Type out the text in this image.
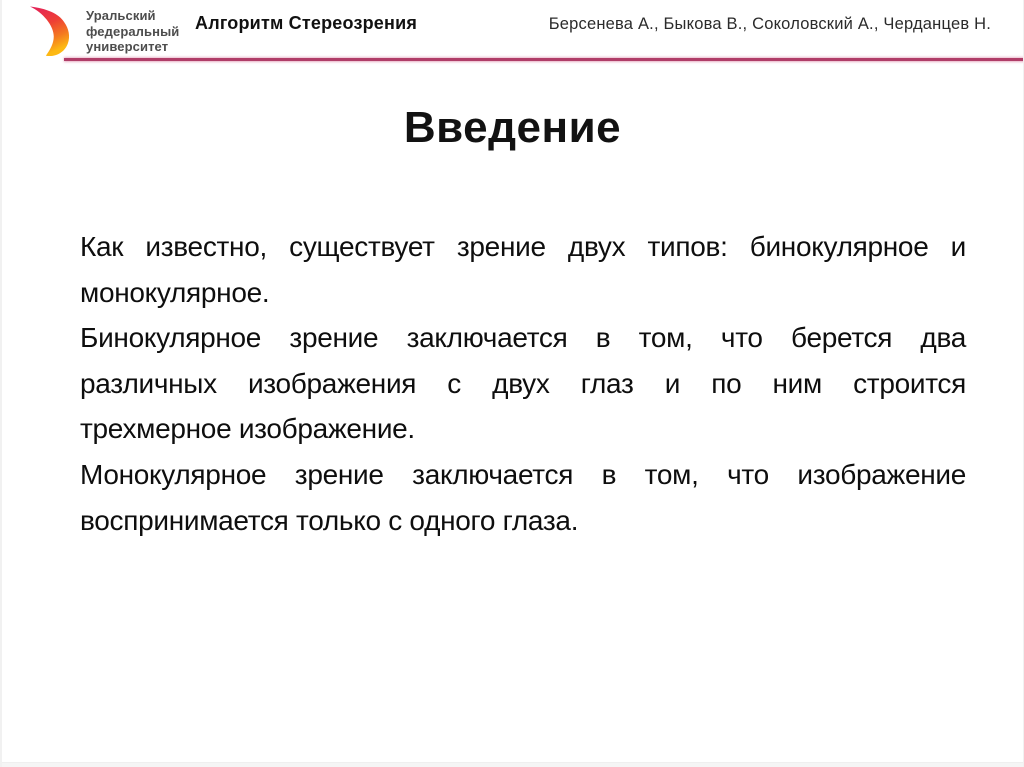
Уральский
федеральный
университет
Алгоритм Стереозрения	Берсенева А., Быкова В., Соколовский А., Черданцев Н.
Введение
Как известно, существует зрение двух типов: бинокулярное и
монокулярное.
Бинокулярное зрение заключается в том, что берется два
различных изображения с двух глаз и по ним строится
трехмерное изображение.
Монокулярное зрение заключается в том, что изображение
воспринимается только с одного глаза.
